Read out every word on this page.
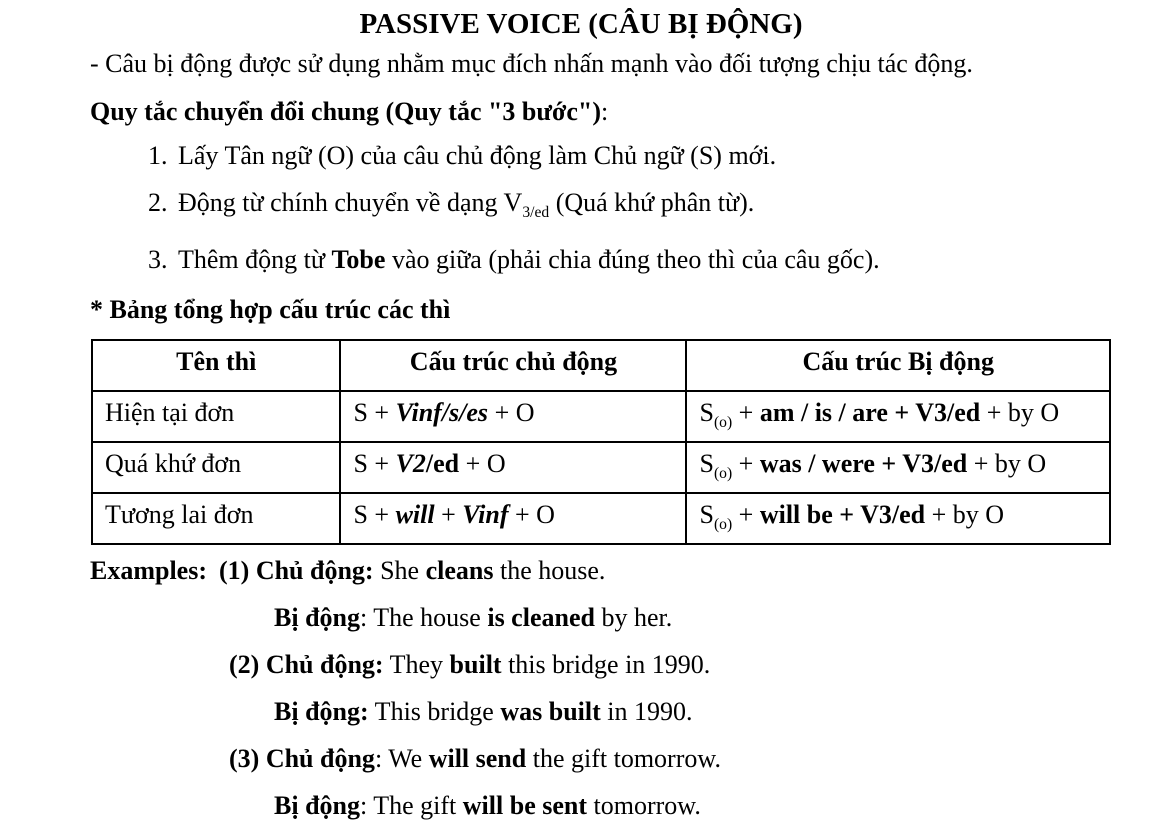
PASSIVE VOICE (CÂU BỊ ĐỘNG)
- Câu bị động được sử dụng nhằm mục đích nhấn mạnh vào đối tượng chịu tác động.
Quy tắc chuyển đổi chung (Quy tắc "3 bước"):
1. Lấy Tân ngữ (O) của câu chủ động làm Chủ ngữ (S) mới.
2. Động từ chính chuyển về dạng $V_{3/ed}$ (Quá khứ phân từ).
3. Thêm động từ Tobe vào giữa (phải chia đúng theo thì của câu gốc).
* Bảng tổng hợp cấu trúc các thì
Tên thì	Cấu trúc chủ động	Cấu trúc Bị động
Hiện tại đơn	S + Vinf/s/es + O	$S_{(o)}$ + am / is / are + V3/ed + by O
Quá khứ đơn	S + V2/ed + O	$S_{(o)}$ + was / were + V3/ed + by O
Tương lai đơn	S + will + Vinf + O	$S_{(o)}$ + will be + V3/ed + by O
Examples: (1) Chủ động: She cleans the house.
Bị động: The house is cleaned by her.
(2) Chủ động: They built this bridge in 1990.
Bị động: This bridge was built in 1990.
(3) Chủ động: We will send the gift tomorrow.
Bị động: The gift will be sent tomorrow.
